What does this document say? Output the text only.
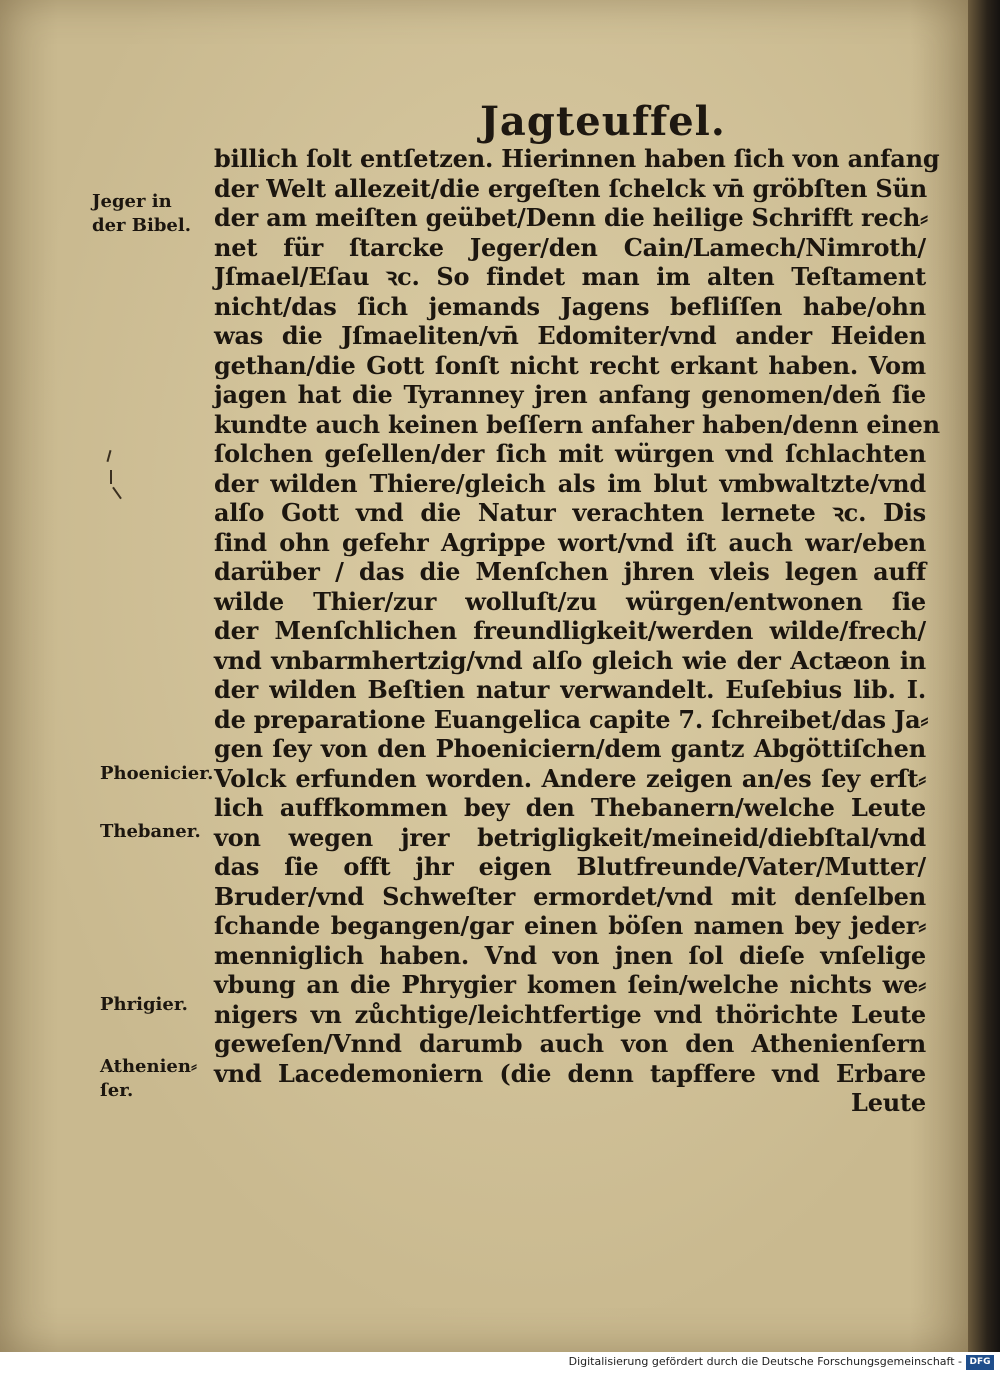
Jagteuffel.
Jeger in
der Bibel.
Phoenicier.
Thebaner.
Phrigier.
Athenien⸗
ſer.
billich ſolt entſetzen. Hierinnen haben ſich von anfang
der Welt allezeit/die ergeſten ſchelck vn̄ gröbſten Sün
der am meiſten geübet/Denn die heilige Schrifft rech⸗
net für ſtarcke Jeger/den Cain/Lamech/Nimroth/
Jſmael/Eſau ꝛc. So findet man im alten Teſtament
nicht/das ſich jemands Jagens befliſſen habe/ohn
was die Jſmaeliten/vn̄ Edomiter/vnd ander Heiden
gethan/die Gott ſonſt nicht recht erkant haben. Vom
jagen hat die Tyranney jren anfang genomen/deñ ſie
kundte auch keinen beſſern anfaher haben/denn einen
ſolchen geſellen/der ſich mit würgen vnd ſchlachten
der wilden Thiere/gleich als im blut vmbwaltzte/vnd
alſo Gott vnd die Natur verachten lernete ꝛc. Dis
ſind ohn gefehr Agrippe wort/vnd iſt auch war/eben
darüber / das die Menſchen jhren vleis legen auff
wilde Thier/zur wolluſt/zu würgen/entwonen ſie
der Menſchlichen freundligkeit/werden wilde/frech/
vnd vnbarmhertzig/vnd alſo gleich wie der Actæon in
der wilden Beſtien natur verwandelt. Euſebius lib. I.
de preparatione Euangelica capite 7. ſchreibet/das Ja⸗
gen ſey von den Phoeniciern/dem gantz Abgöttiſchen
Volck erfunden worden. Andere zeigen an/es ſey erſt⸗
lich auffkommen bey den Thebanern/welche Leute
von wegen jrer betrigligkeit/meineid/diebſtal/vnd
das ſie offt jhr eigen Blutfreunde/Vater/Mutter/
Bruder/vnd Schweſter ermordet/vnd mit denſelben
ſchande begangen/gar einen böſen namen bey jeder⸗
menniglich haben. Vnd von jnen ſol dieſe vnſelige
vbung an die Phrygier komen ſein/welche nichts we⸗
nigers vn zůchtige/leichtfertige vnd thörichte Leute
geweſen/Vnnd darumb auch von den Athenienſern
vnd Lacedemoniern (die denn tapffere vnd Erbare
Leute
Digitalisierung gefördert durch die Deutsche Forschungsgemeinschaft - DFG
